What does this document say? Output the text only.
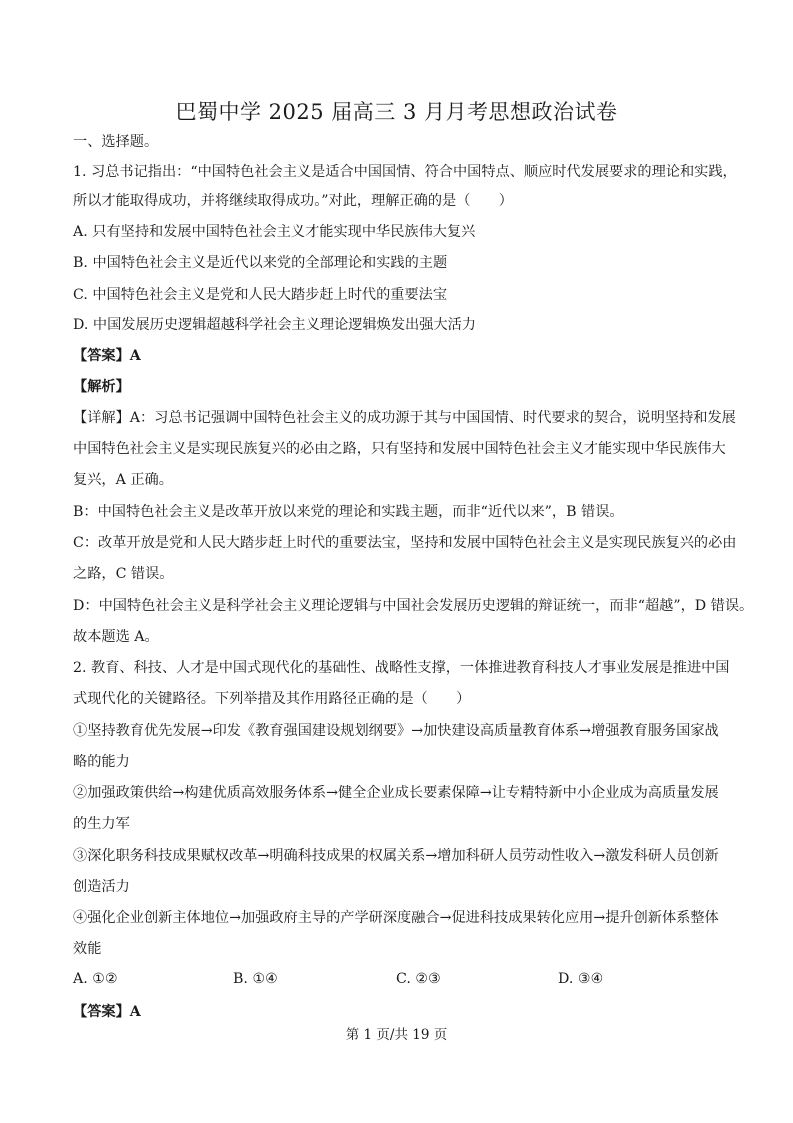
巴蜀中学 2025 届高三 3 月月考思想政治试卷
一、选择题。
1. 习总书记指出：“中国特色社会主义是适合中国国情、符合中国特点、顺应时代发展要求的理论和实践，
所以才能取得成功，并将继续取得成功。”对此，理解正确的是（　　）
A. 只有坚持和发展中国特色社会主义才能实现中华民族伟大复兴
B. 中国特色社会主义是近代以来党的全部理论和实践的主题
C. 中国特色社会主义是党和人民大踏步赶上时代的重要法宝
D. 中国发展历史逻辑超越科学社会主义理论逻辑焕发出强大活力
【答案】A
【解析】
【详解】A：习总书记强调中国特色社会主义的成功源于其与中国国情、时代要求的契合，说明坚持和发展
中国特色社会主义是实现民族复兴的必由之路，只有坚持和发展中国特色社会主义才能实现中华民族伟大
复兴，A 正确。
B：中国特色社会主义是改革开放以来党的理论和实践主题，而非“近代以来”，B 错误。
C：改革开放是党和人民大踏步赶上时代的重要法宝，坚持和发展中国特色社会主义是实现民族复兴的必由
之路，C 错误。
D：中国特色社会主义是科学社会主义理论逻辑与中国社会发展历史逻辑的辩证统一，而非“超越”，D 错误。
故本题选 A。
2. 教育、科技、人才是中国式现代化的基础性、战略性支撑，一体推进教育科技人才事业发展是推进中国
式现代化的关键路径。下列举措及其作用路径正确的是（　　）
①坚持教育优先发展→印发《教育强国建设规划纲要》→加快建设高质量教育体系→增强教育服务国家战
略的能力
②加强政策供给→构建优质高效服务体系→健全企业成长要素保障→让专精特新中小企业成为高质量发展
的生力军
③深化职务科技成果赋权改革→明确科技成果的权属关系→增加科研人员劳动性收入→激发科研人员创新
创造活力
④强化企业创新主体地位→加强政府主导的产学研深度融合→促进科技成果转化应用→提升创新体系整体
效能
A. ①②	B. ①④	C. ②③	D. ③④
【答案】A
第 1 页/共 19 页
